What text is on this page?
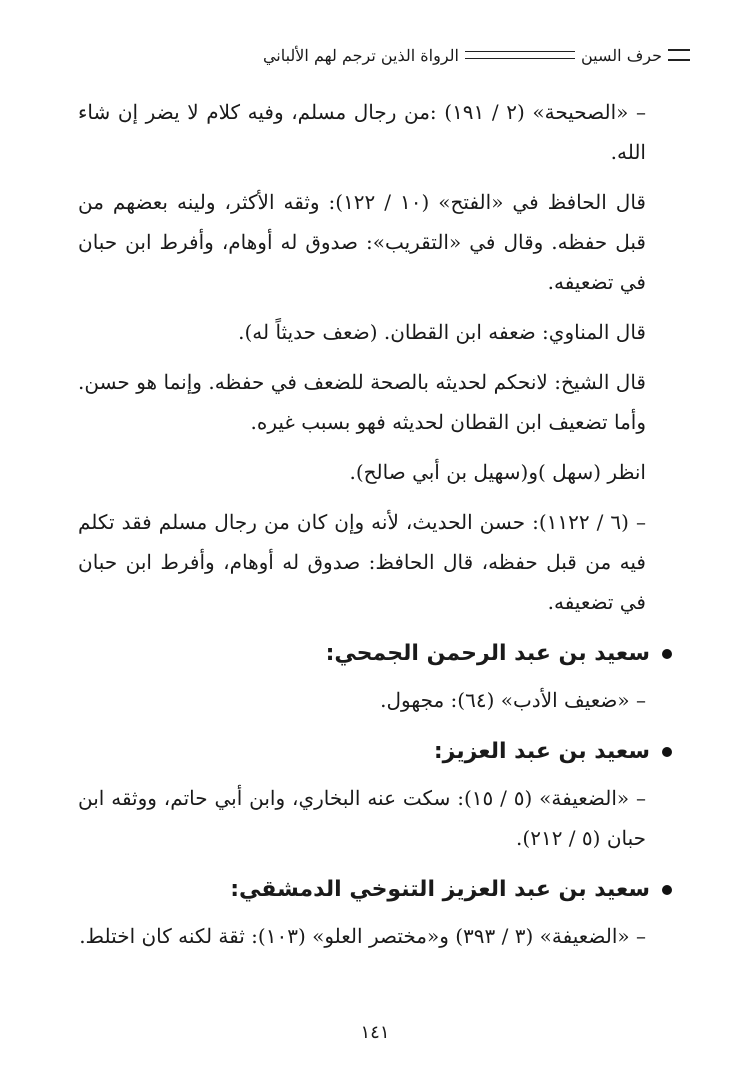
حرف السين
الرواة الذين ترجم لهم الألباني

– «الصحيحة» (٢ / ١٩١) :من رجال مسلم، وفيه كلام لا يضر إن شاء الله.

قال الحافظ في «الفتح» (١٠ / ١٢٢): وثقه الأكثر، ولينه بعضهم من قبل حفظه. وقال في «التقريب»: صدوق له أوهام، وأفرط ابن حبان في تضعيفه.

قال المناوي: ضعفه ابن القطان. (ضعف حديثاً له).

قال الشيخ: لانحكم لحديثه بالصحة للضعف في حفظه. وإنما هو حسن. وأما تضعيف ابن القطان لحديثه فهو بسبب غيره.

انظر (سهل )و(سهيل بن أبي صالح).

– (٦ / ١١٢٢): حسن الحديث، لأنه وإن كان من رجال مسلم فقد تكلم فيه من قبل حفظه، قال الحافظ: صدوق له أوهام، وأفرط ابن حبان في تضعيفه.

سعيد بن عبد الرحمن الجمحي:

– «ضعيف الأدب» (٦٤): مجهول.

سعيد بن عبد العزيز:

– «الضعيفة» (٥ / ١٥): سكت عنه البخاري، وابن أبي حاتم، ووثقه ابن حبان (٥ / ٢١٢).

سعيد بن عبد العزيز التنوخي الدمشقي:

– «الضعيفة» (٣ / ٣٩٣) و«مختصر العلو» (١٠٣): ثقة لكنه كان اختلط.

١٤١
